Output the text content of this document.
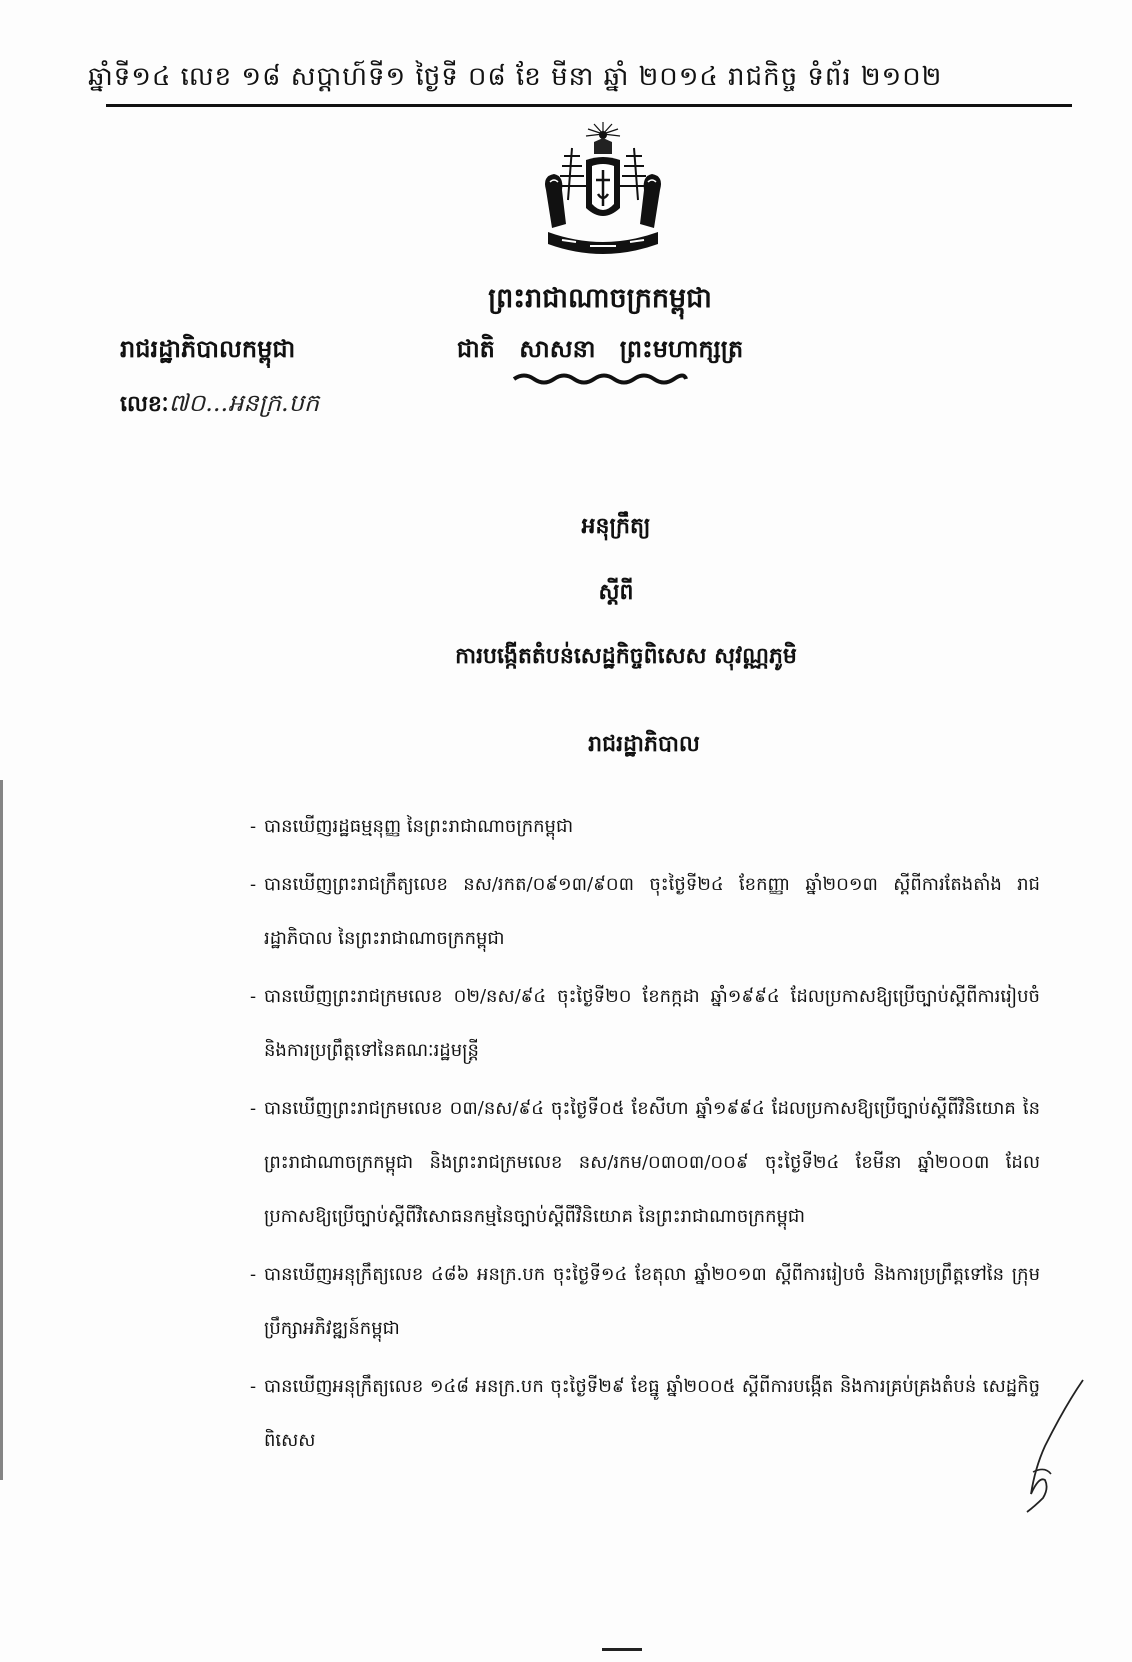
ឆ្នាំទី១៤ លេខ ១៨ សប្ដាហ៍ទី១ ថ្ងៃទី ០៨ ខែ មីនា ឆ្នាំ ២០១៤ រាជកិច្ច ទំព័រ ២១០២
ព្រះរាជាណាចក្រកម្ពុជា
ជាតិ សាសនា ព្រះមហាក្សត្រ
រាជរដ្ឋាភិបាលកម្ពុជា
លេខៈ៧០...អនក្រ.បក
អនុក្រឹត្យ
ស្ដីពី
ការបង្កើតតំបន់សេដ្ឋកិច្ចពិសេស សុវណ្ណភូមិ
រាជរដ្ឋាភិបាល
- បានឃើញរដ្ឋធម្មនុញ្ញ នៃព្រះរាជាណាចក្រកម្ពុជា
- បានឃើញព្រះរាជក្រឹត្យលេខ នស/រកត/០៩១៣/៩០៣ ចុះថ្ងៃទី២៤ ខែកញ្ញា ឆ្នាំ២០១៣ ស្ដីពីការតែងតាំង រាជរដ្ឋាភិបាល នៃព្រះរាជាណាចក្រកម្ពុជា
- បានឃើញព្រះរាជក្រមលេខ ០២/នស/៩៤ ចុះថ្ងៃទី២០ ខែកក្កដា ឆ្នាំ១៩៩៤ ដែលប្រកាសឱ្យប្រើច្បាប់ស្ដីពីការរៀបចំ និងការប្រព្រឹត្តទៅនៃគណៈរដ្ឋមន្ត្រី
- បានឃើញព្រះរាជក្រមលេខ ០៣/នស/៩៤ ចុះថ្ងៃទី០៥ ខែសីហា ឆ្នាំ១៩៩៤ ដែលប្រកាសឱ្យប្រើច្បាប់ស្ដីពីវិនិយោគ នៃព្រះរាជាណាចក្រកម្ពុជា និងព្រះរាជក្រមលេខ នស/រកម/០៣០៣/០០៩ ចុះថ្ងៃទី២៤ ខែមីនា ឆ្នាំ២០០៣ ដែល ប្រកាសឱ្យប្រើច្បាប់ស្ដីពីវិសោធនកម្មនៃច្បាប់ស្ដីពីវិនិយោគ នៃព្រះរាជាណាចក្រកម្ពុជា
- បានឃើញអនុក្រឹត្យលេខ ៤៨៦ អនក្រ.បក ចុះថ្ងៃទី១៤ ខែតុលា ឆ្នាំ២០១៣ ស្ដីពីការរៀបចំ និងការប្រព្រឹត្តទៅនៃ ក្រុមប្រឹក្សាអភិវឌ្ឍន៍កម្ពុជា
- បានឃើញអនុក្រឹត្យលេខ ១៤៨ អនក្រ.បក ចុះថ្ងៃទី២៩ ខែធ្នូ ឆ្នាំ២០០៥ ស្ដីពីការបង្កើត និងការគ្រប់គ្រងតំបន់ សេដ្ឋកិច្ចពិសេស
